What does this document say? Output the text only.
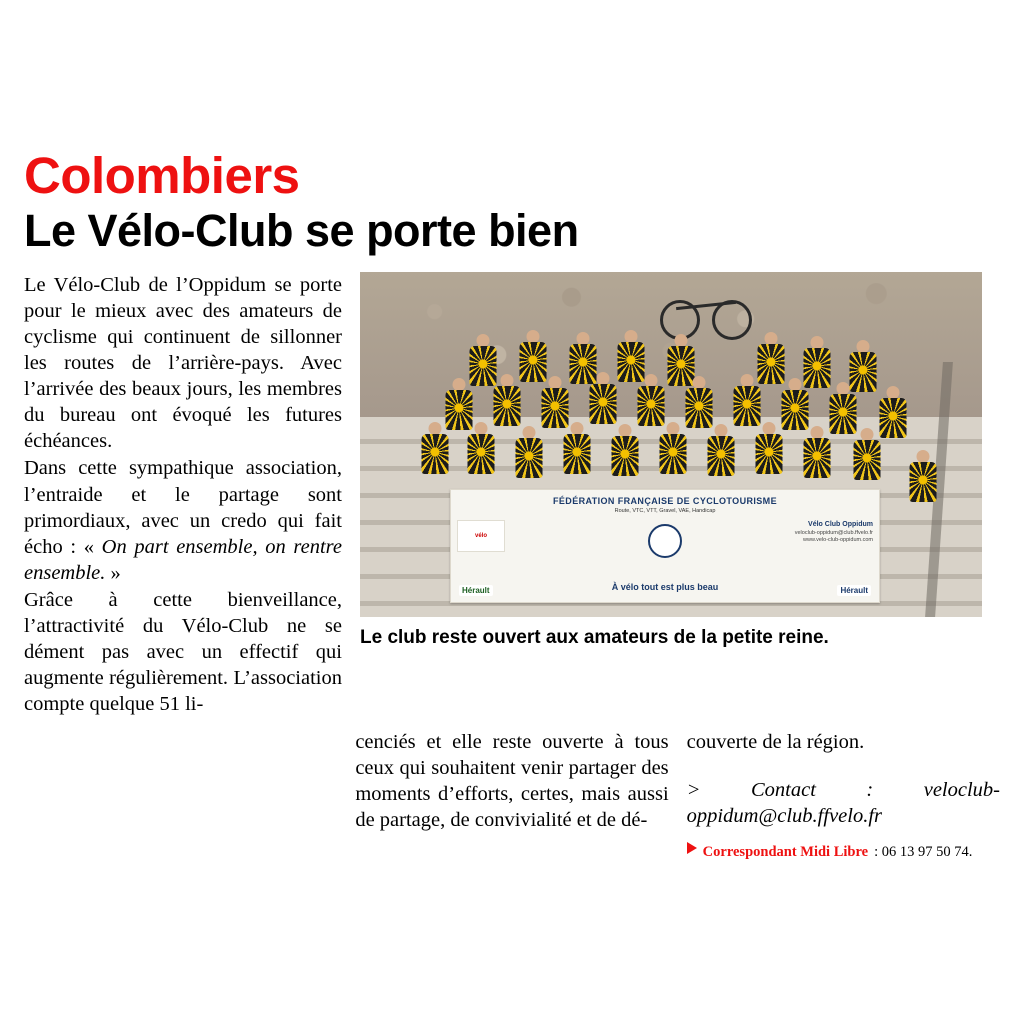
Colombiers
Le Vélo-Club se porte bien

Le Vélo-Club de l’Oppidum se porte pour le mieux avec des amateurs de cyclisme qui continuent de sillonner les routes de l’arrière-pays. Avec l’arrivée des beaux jours, les membres du bureau ont évoqué les futures échéances.

Dans cette sympathique association, l’entraide et le partage sont primordiaux, avec un credo qui fait écho : « On part ensemble, on rentre ensemble. »

Grâce à cette bienveillance, l’attractivité du Vélo-Club ne se dément pas avec un effectif qui augmente régulièrement. L’association compte quelque 51 li-

FÉDÉRATION FRANÇAISE DE CYCLOTOURISME
Route, VTC, VTT, Gravel, VAE, Handicap
vélo
Vélo Club Oppidum
veloclub-oppidum@club.ffvelo.fr
www.velo-club-oppidum.com
À vélo tout est plus beau
Hérault	Hérault
Le club reste ouvert aux amateurs de la petite reine.
cenciés et elle reste ouverte à tous ceux qui souhaitent venir partager des moments d’efforts, certes, mais aussi de partage, de convivialité et de dé-
couverte de la région.
> Contact : veloclub-oppidum@club.ffvelo.fr
Correspondant Midi Libre : 06 13 97 50 74.
